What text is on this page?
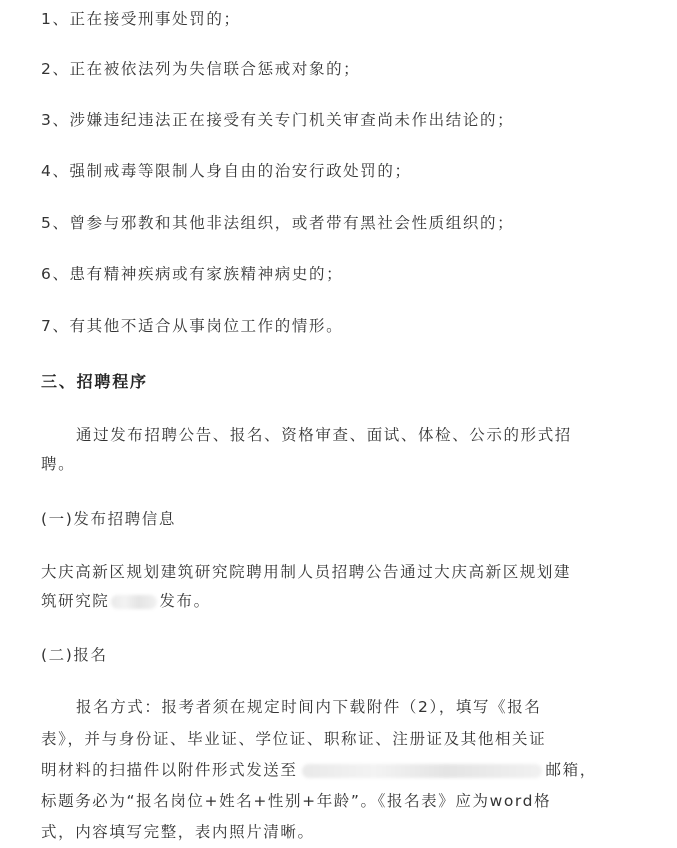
1、正在接受刑事处罚的；
2、正在被依法列为失信联合惩戒对象的；
3、涉嫌违纪违法正在接受有关专门机关审查尚未作出结论的；
4、强制戒毒等限制人身自由的治安行政处罚的；
5、曾参与邪教和其他非法组织，或者带有黑社会性质组织的；
6、患有精神疾病或有家族精神病史的；
7、有其他不适合从事岗位工作的情形。
三、招聘程序
通过发布招聘公告、报名、资格审查、面试、体检、公示的形式招
聘。
(一)发布招聘信息
大庆高新区规划建筑研究院聘用制人员招聘公告通过大庆高新区规划建
筑研究院	发布。
(二)报名
报名方式：报考者须在规定时间内下载附件（2），填写《报名
表》，并与身份证、毕业证、学位证、职称证、注册证及其他相关证
明材料的扫描件以附件形式发送至	邮箱，
标题务必为“报名岗位+姓名+性别+年龄”。《报名表》应为word格
式，内容填写完整，表内照片清晰。
